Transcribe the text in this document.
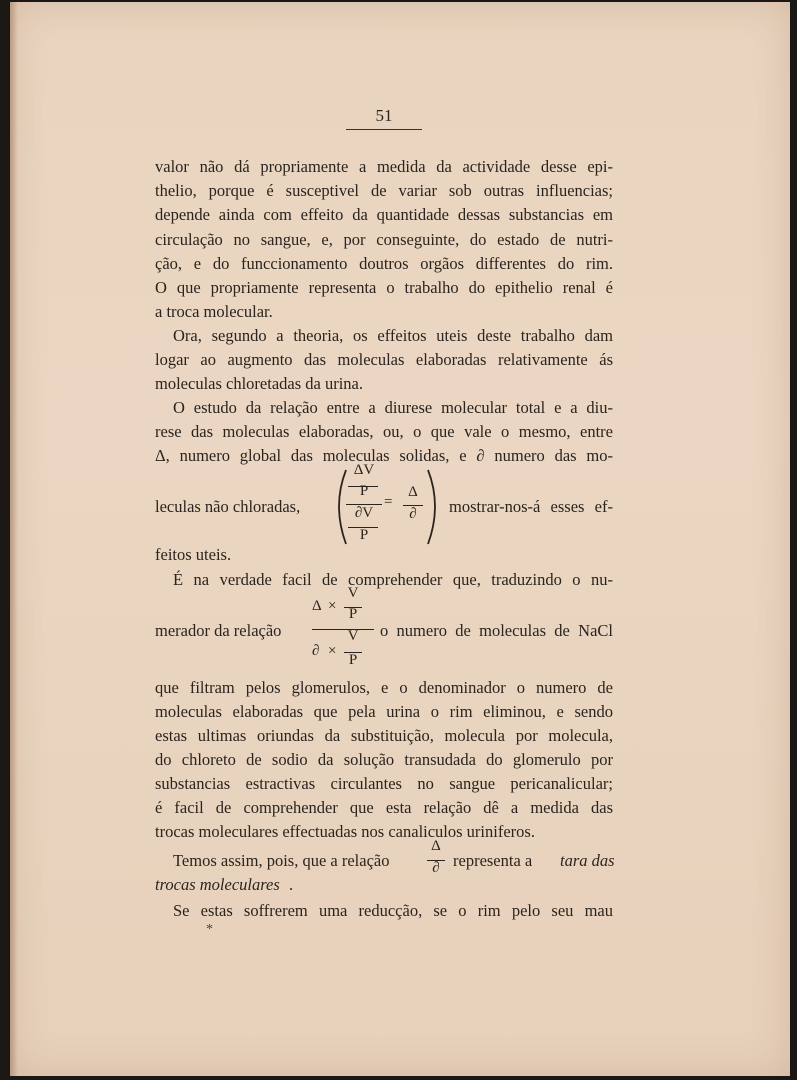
51
valor não dá propriamente a medida da actividade desse epi-
thelio, porque é susceptivel de variar sob outras influencias;
depende ainda com effeito da quantidade dessas substancias em
circulação no sangue, e, por conseguinte, do estado de nutri-
ção, e do funccionamento doutros orgãos differentes do rim.
O que propriamente representa o trabalho do epithelio renal é
a troca molecular.
Ora, segundo a theoria, os effeitos uteis deste trabalho dam
logar ao augmento das moleculas elaboradas relativamente ás
moleculas chloretadas da urina.
O estudo da relação entre a diurese molecular total e a diu-
rese das moleculas elaboradas, ou, o que vale o mesmo, entre
Δ, numero global das moleculas solidas, e ∂ numero das mo-
leculas não chloradas,
ΔV
P
∂V
P
=
Δ
∂	mostrar-nos-á esses ef-
feitos uteis.
É na verdade facil de comprehender que, traduzindo o nu-
merador da relação
Δ ×
V
P
∂ ×
V
P
o numero de moleculas de NaCl
que filtram pelos glomerulos, e o denominador o numero de
moleculas elaboradas que pela urina o rim eliminou, e sendo
estas ultimas oriundas da substituição, molecula por molecula,
do chloreto de sodio da solução transudada do glomerulo por
substancias estractivas circulantes no sangue pericanalicular;
é facil de comprehender que esta relação dê a medida das
trocas moleculares effectuadas nos canaliculos uriniferos.
Temos assim, pois, que a relação
Δ
∂ representa a tara das
trocas moleculares .
Se estas soffrerem uma reducção, se o rim pelo seu mau
*
